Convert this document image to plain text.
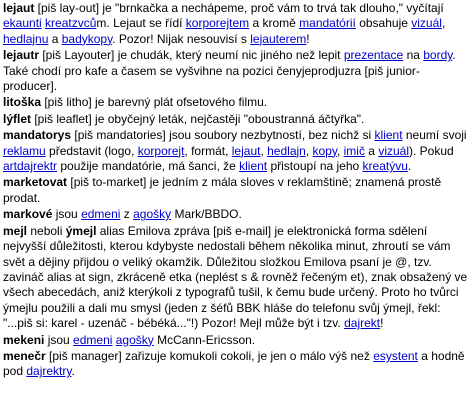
lejaut [piš lay-out] je "brnkačka a nechápeme, proč vám to trvá tak dlouho," vyčítají ekaunti kreatzvcům. Lejaut se řídí korporejtem a kromě mandatórií obsahuje vizuál, hedlajnu a badykopy. Pozor! Nijak nesouvisí s lejauterem!
lejautr [piš Layouter] je chudák, který neumí nic jiného než lepit prezentace na bordy. Také chodí pro kafe a časem se vyšvihne na pozici čenyjeprodjuzra [piš junior-producer].
litoška [piš litho] je barevný plát ofsetového filmu.
lýflet [piš leaflet] je obyčejný leták, nejčastěji "oboustranná áčtyřka".
mandatorys [piš mandatories] jsou soubory nezbytností, bez nichž si klient neumí svoji reklamu představit (logo, korporejt, formát, lejaut, hedlajn, kopy, imič a vizuál). Pokud artdajrektr použije mandatórie, má šanci, že klient přistoupí na jeho kreatývu.
marketovat [piš to-market] je jedním z mála sloves v reklamštině; znamená prostě prodat.
markové jsou edmeni z agošky Mark/BBDO.
mejl neboli ýmejl alias Emilova zpráva [piš e-mail] je elektronická forma sdělení nejvyšší důležitosti, kterou kdybyste nedostali během několika minut, zhroutí se vám svět a dějiny přijdou o veliký okamžik. Důležitou složkou Emilova psaní je @, tzv. zavináč alias at sign, zkráceně etka (neplést s & rovněž řečeným et), znak obsažený ve všech abecedách, aniž kterýkoli z typografů tušil, k čemu bude určený. Proto ho tvůrci ýmejlu použili a dali mu smysl (jeden z šéfů BBK hláše do telefonu svůj ýmejl, řekl: "...piš si: karel - uzenáč - bébéká..."!) Pozor! Mejl může být i tzv. dajrekt!
mekeni jsou edmeni agošky McCann-Ericsson.
menečr [piš manager] zařizuje komukoli cokoli, je jen o málo výš než esystent a hodně pod dajrektry.
